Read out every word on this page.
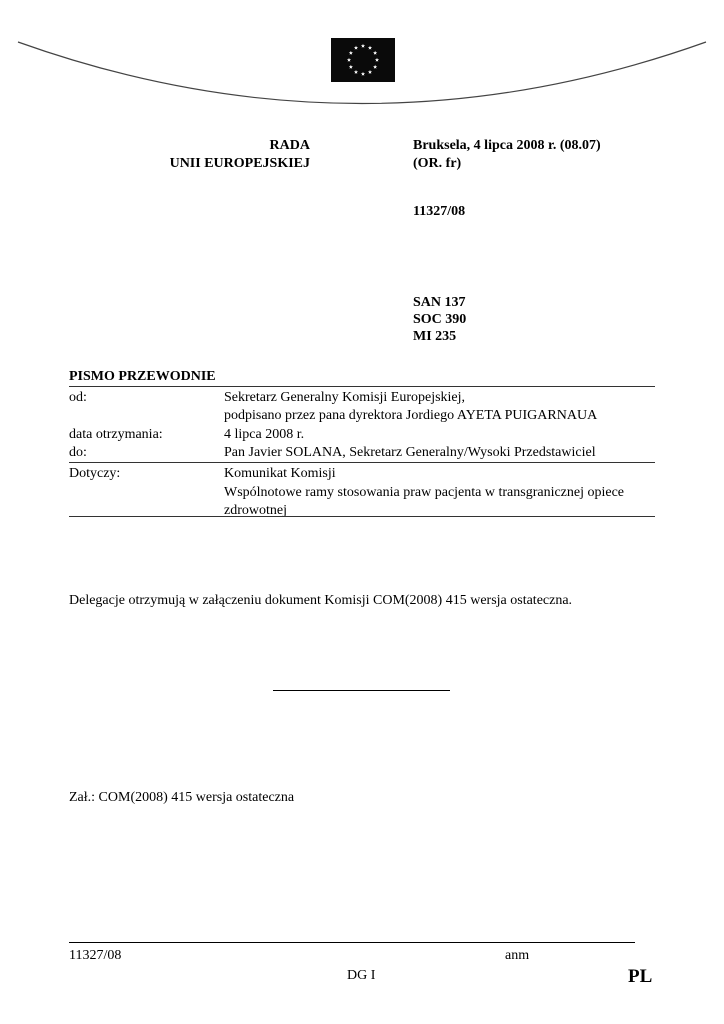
RADA
UNII EUROPEJSKIEJ
Bruksela, 4 lipca 2008 r. (08.07)
(OR. fr)
11327/08
SAN 137
SOC 390
MI 235
PISMO PRZEWODNIE
od:	Sekretarz Generalny Komisji Europejskiej,
podpisano przez pana dyrektora Jordiego AYETA PUIGARNAUA
data otrzymania:	4 lipca 2008 r.
do:	Pan Javier SOLANA, Sekretarz Generalny/Wysoki Przedstawiciel
Dotyczy:	Komunikat Komisji
Wspólnotowe ramy stosowania praw pacjenta w transgranicznej opiece zdrowotnej
Delegacje otrzymują w załączeniu dokument Komisji COM(2008) 415 wersja ostateczna.
Zał.: COM(2008) 415 wersja ostateczna
11327/08	anm
DG I	PL
